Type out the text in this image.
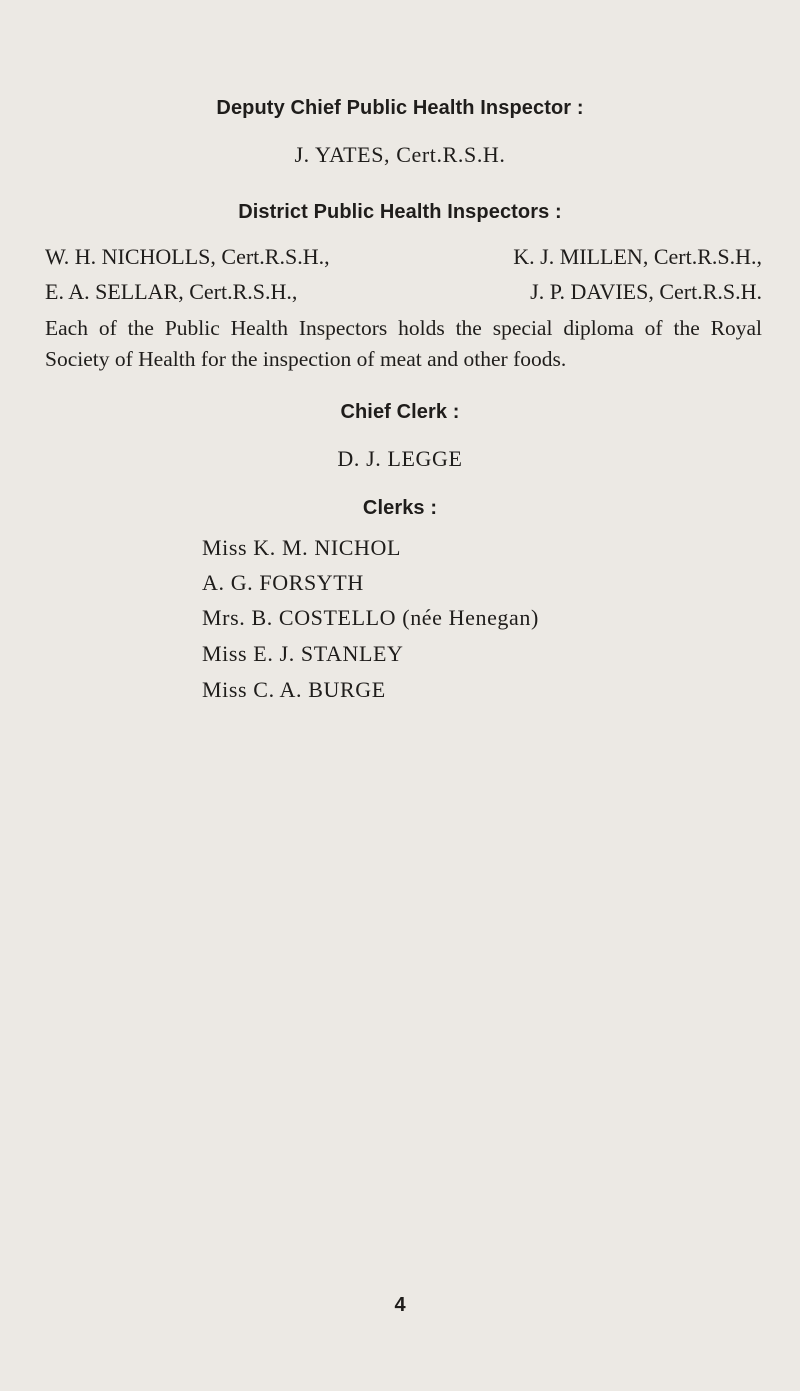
Deputy Chief Public Health Inspector :
J. YATES, Cert.R.S.H.
District Public Health Inspectors :
W. H. NICHOLLS, Cert.R.S.H.,	K. J. MILLEN, Cert.R.S.H.,
E. A. SELLAR, Cert.R.S.H.,	J. P. DAVIES, Cert.R.S.H.
Each of the Public Health Inspectors holds the special diploma of the Royal Society of Health for the inspection of meat and other foods.
Chief Clerk :
D. J. LEGGE
Clerks :
Miss K. M. NICHOL
A. G. FORSYTH
Mrs. B. COSTELLO (née Henegan)
Miss E. J. STANLEY
Miss C. A. BURGE
4
